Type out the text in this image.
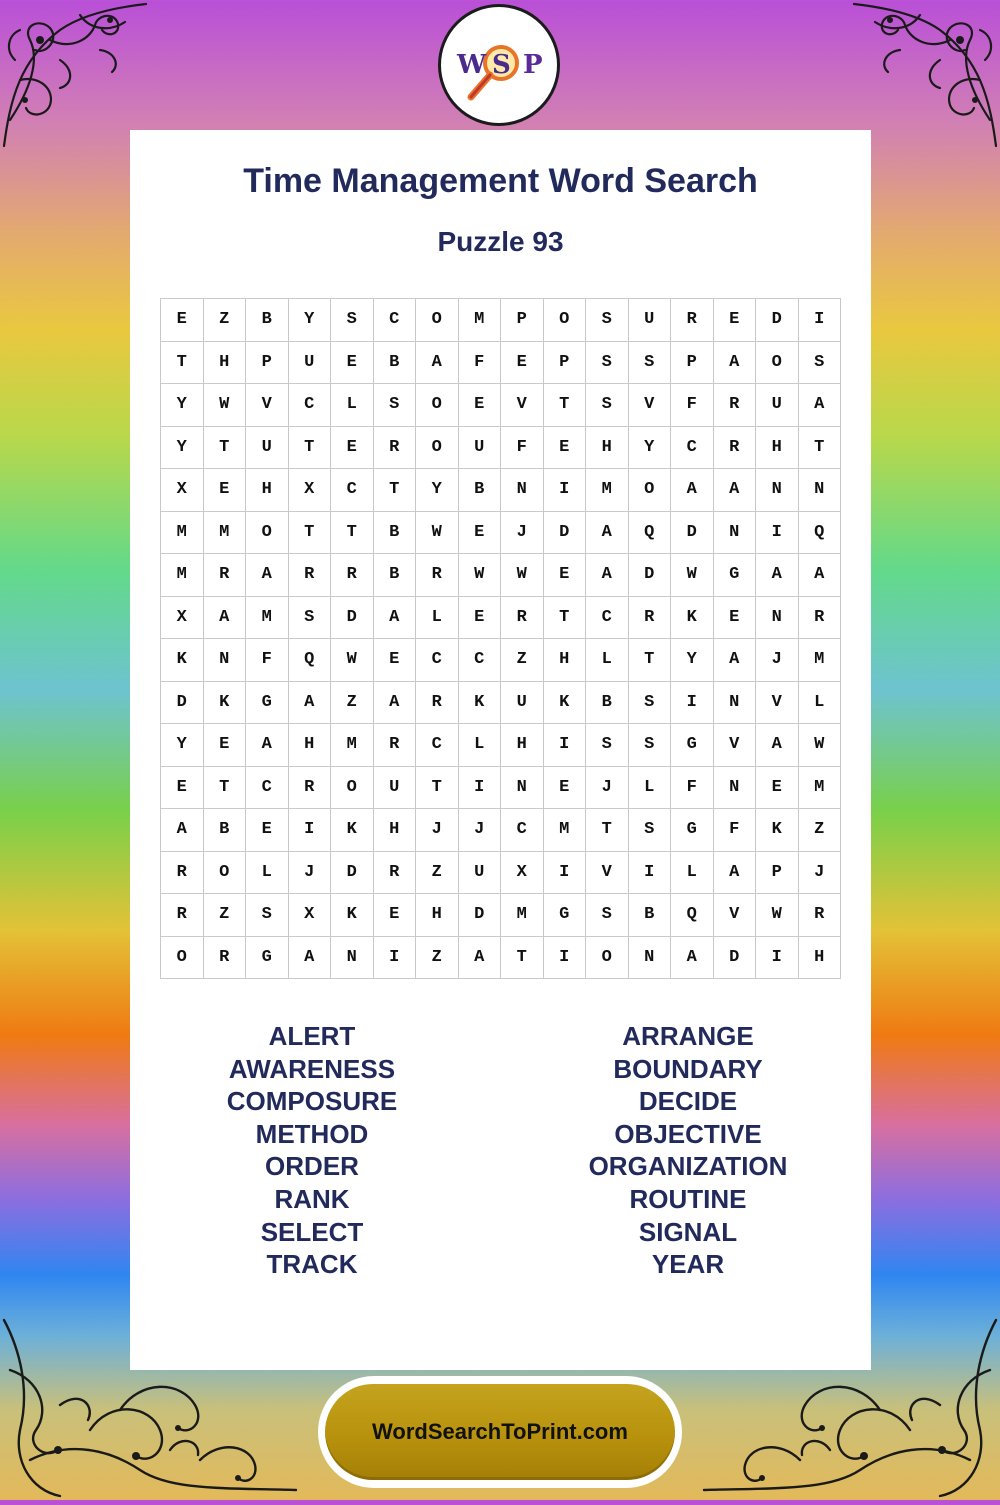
W S P
Time Management Word Search
Puzzle 93
E	Z	B	Y	S	C	O	M	P	O	S	U	R	E	D	I
T	H	P	U	E	B	A	F	E	P	S	S	P	A	O	S
Y	W	V	C	L	S	O	E	V	T	S	V	F	R	U	A
Y	T	U	T	E	R	O	U	F	E	H	Y	C	R	H	T
X	E	H	X	C	T	Y	B	N	I	M	O	A	A	N	N
M	M	O	T	T	B	W	E	J	D	A	Q	D	N	I	Q
M	R	A	R	R	B	R	W	W	E	A	D	W	G	A	A
X	A	M	S	D	A	L	E	R	T	C	R	K	E	N	R
K	N	F	Q	W	E	C	C	Z	H	L	T	Y	A	J	M
D	K	G	A	Z	A	R	K	U	K	B	S	I	N	V	L
Y	E	A	H	M	R	C	L	H	I	S	S	G	V	A	W
E	T	C	R	O	U	T	I	N	E	J	L	F	N	E	M
A	B	E	I	K	H	J	J	C	M	T	S	G	F	K	Z
R	O	L	J	D	R	Z	U	X	I	V	I	L	A	P	J
R	Z	S	X	K	E	H	D	M	G	S	B	Q	V	W	R
O	R	G	A	N	I	Z	A	T	I	O	N	A	D	I	H
ALERT
AWARENESS
COMPOSURE
METHOD
ORDER
RANK
SELECT
TRACK
ARRANGE
BOUNDARY
DECIDE
OBJECTIVE
ORGANIZATION
ROUTINE
SIGNAL
YEAR
WordSearchToPrint.com
